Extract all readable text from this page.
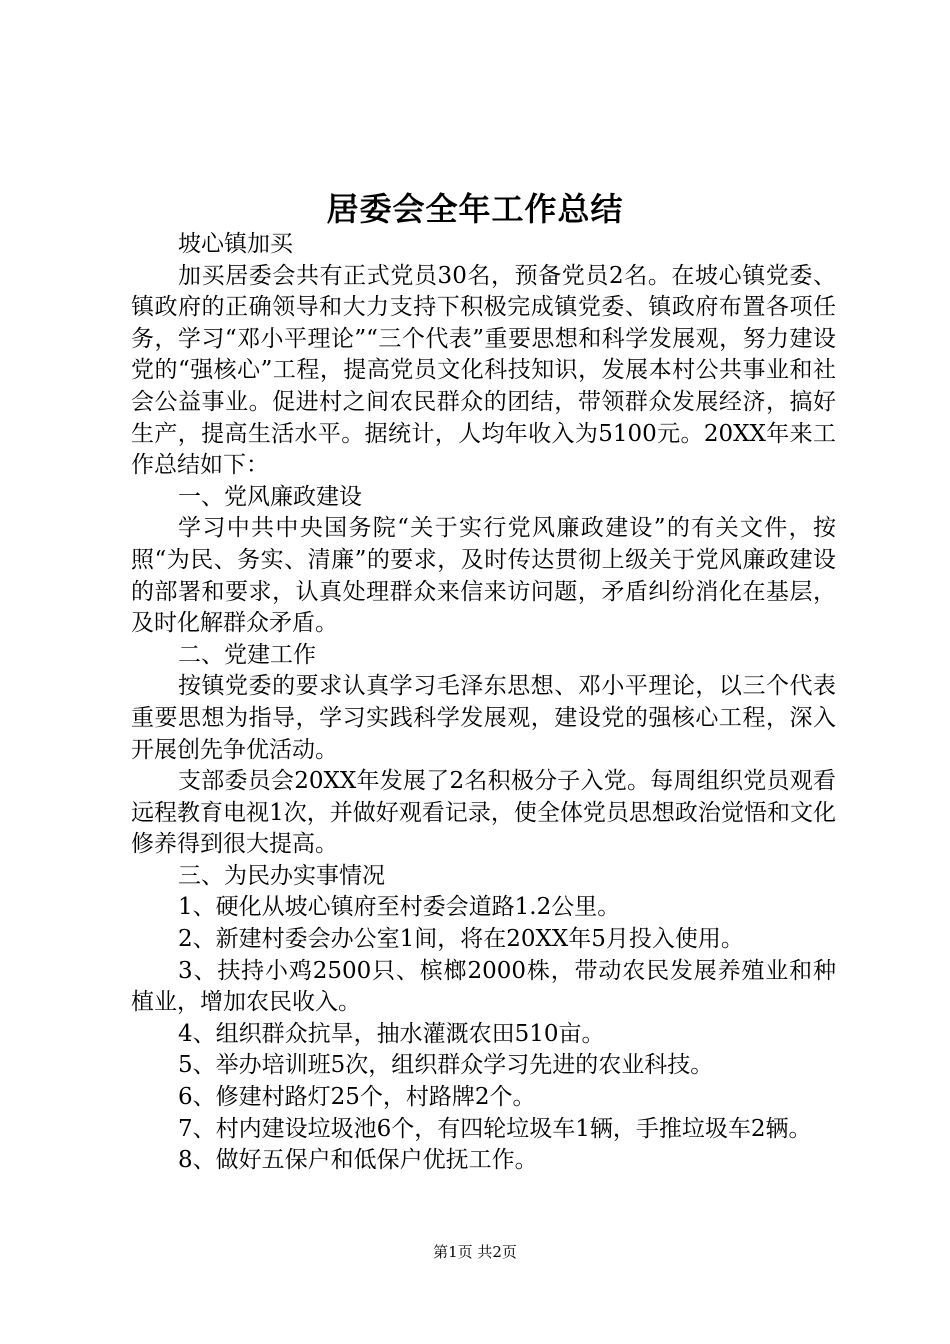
居委会全年工作总结

坡心镇加买

加买居委会共有正式党员30名，预备党员2名。在坡心镇党委、镇政府的正确领导和大力支持下积极完成镇党委、镇政府布置各项任务，学习“邓小平理论”“三个代表”重要思想和科学发展观，努力建设党的“强核心”工程，提高党员文化科技知识，发展本村公共事业和社会公益事业。促进村之间农民群众的团结，带领群众发展经济，搞好生产，提高生活水平。据统计，人均年收入为5100元。20XX年来工作总结如下：

一、党风廉政建设

学习中共中央国务院“关于实行党风廉政建设”的有关文件，按照“为民、务实、清廉”的要求，及时传达贯彻上级关于党风廉政建设的部署和要求，认真处理群众来信来访问题，矛盾纠纷消化在基层，及时化解群众矛盾。

二、党建工作

按镇党委的要求认真学习毛泽东思想、邓小平理论，以三个代表重要思想为指导，学习实践科学发展观，建设党的强核心工程，深入开展创先争优活动。

支部委员会20XX年发展了2名积极分子入党。每周组织党员观看远程教育电视1次，并做好观看记录，使全体党员思想政治觉悟和文化修养得到很大提高。

三、为民办实事情况

1、硬化从坡心镇府至村委会道路1.2公里。

2、新建村委会办公室1间，将在20XX年5月投入使用。

3、扶持小鸡2500只、槟榔2000株，带动农民发展养殖业和种植业，增加农民收入。

4、组织群众抗旱，抽水灌溉农田510亩。

5、举办培训班5次，组织群众学习先进的农业科技。

6、修建村路灯25个，村路牌2个。

7、村内建设垃圾池6个，有四轮垃圾车1辆，手推垃圾车2辆。

8、做好五保户和低保户优抚工作。

第1页 共2页
